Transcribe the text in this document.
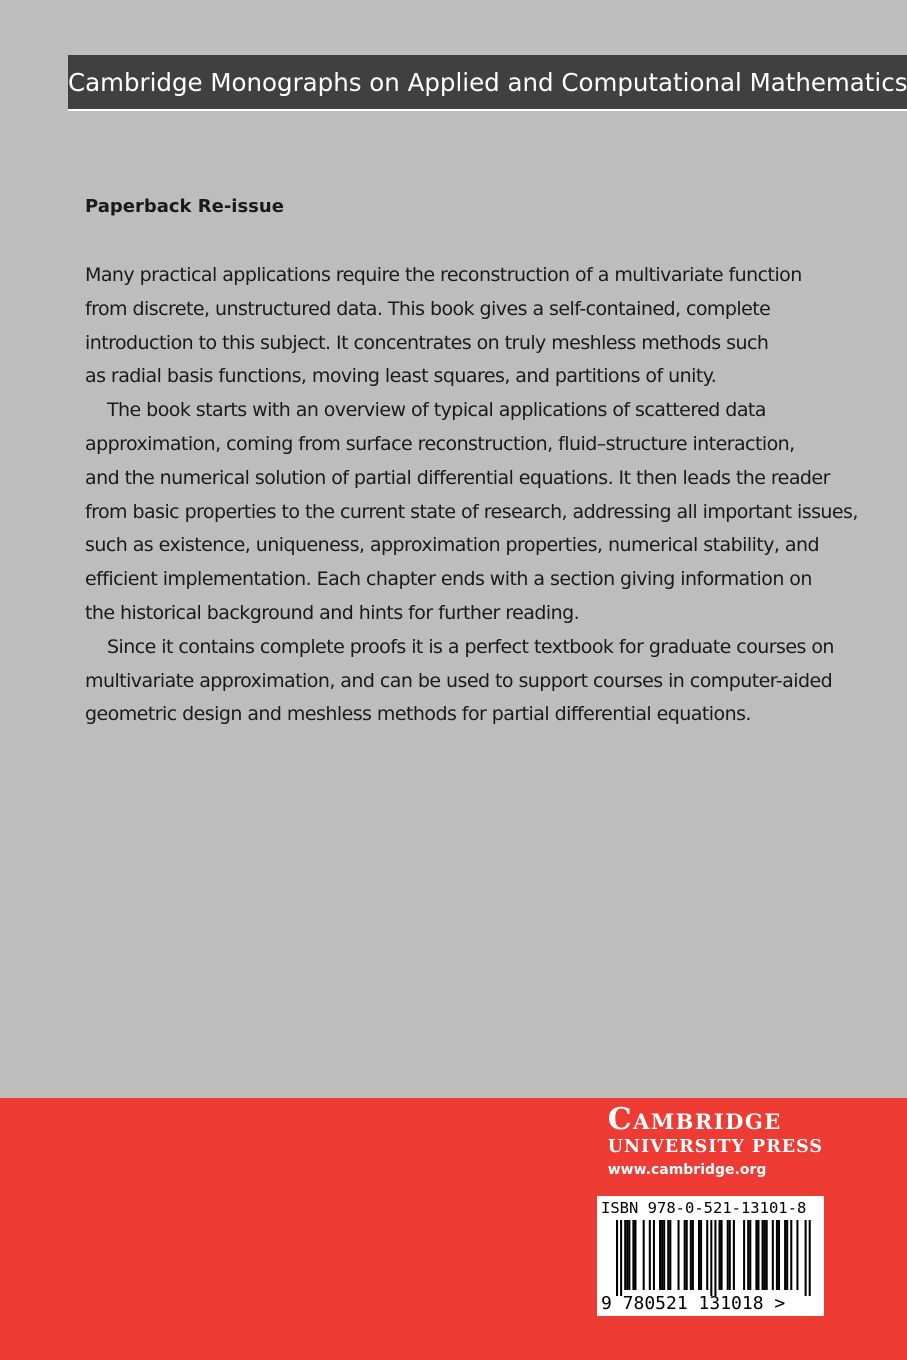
Cambridge Monographs on Applied and Computational Mathematics

Paperback Re-issue

Many practical applications require the reconstruction of a multivariate function
from discrete, unstructured data. This book gives a self-contained, complete
introduction to this subject. It concentrates on truly meshless methods such
as radial basis functions, moving least squares, and partitions of unity.
The book starts with an overview of typical applications of scattered data
approximation, coming from surface reconstruction, fluid–structure interaction,
and the numerical solution of partial differential equations. It then leads the reader
from basic properties to the current state of research, addressing all important issues,
such as existence, uniqueness, approximation properties, numerical stability, and
efficient implementation. Each chapter ends with a section giving information on
the historical background and hints for further reading.
Since it contains complete proofs it is a perfect textbook for graduate courses on
multivariate approximation, and can be used to support courses in computer-aided
geometric design and meshless methods for partial differential equations.
Cambridge
UNIVERSITY PRESS
www.cambridge.org
ISBN 978-0-521-13101-8
9 780521 131018 >
